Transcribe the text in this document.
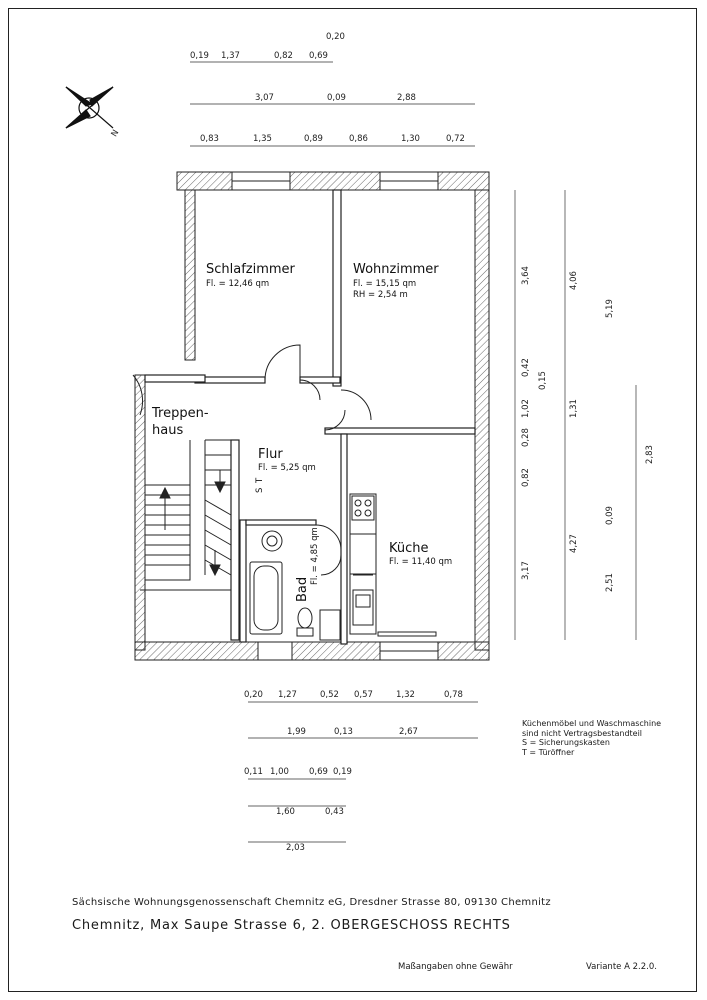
N
0,20
0,19 1,37	0,82 0,69
3,07	0,09	2,88
0,83	1,35	0,89	0,86	1,30	0,72
3,64
0,42
1,02
0,28
0,82
3,17
0,15
1,31
4,27
0,09
2,51
4,06
5,19
2,83
0,20 1,27	0,52 0,57	1,32	0,78
1,99	0,13	2,67
0,11 1,00 0,69 0,19
1,60	0,43
2,03
Schlafzimmer
Fl. = 12,46 qm
Wohnzimmer
Fl. = 15,15 qm
RH = 2,54 m
Treppen-
haus
Flur
Fl. = 5,25 qm
S
T
Küche
Fl. = 11,40 qm
Bad
Fl. = 4,85 qm
Küchenmöbel und Waschmaschine
sind nicht Vertragsbestandteil
S = Sicherungskasten
T = Türöffner
Sächsische Wohnungsgenossenschaft Chemnitz eG, Dresdner Strasse 80, 09130 Chemnitz
Chemnitz, Max Saupe Strasse 6, 2. OBERGESCHOSS RECHTS
Maßangaben ohne Gewähr	Variante A 2.2.0.
